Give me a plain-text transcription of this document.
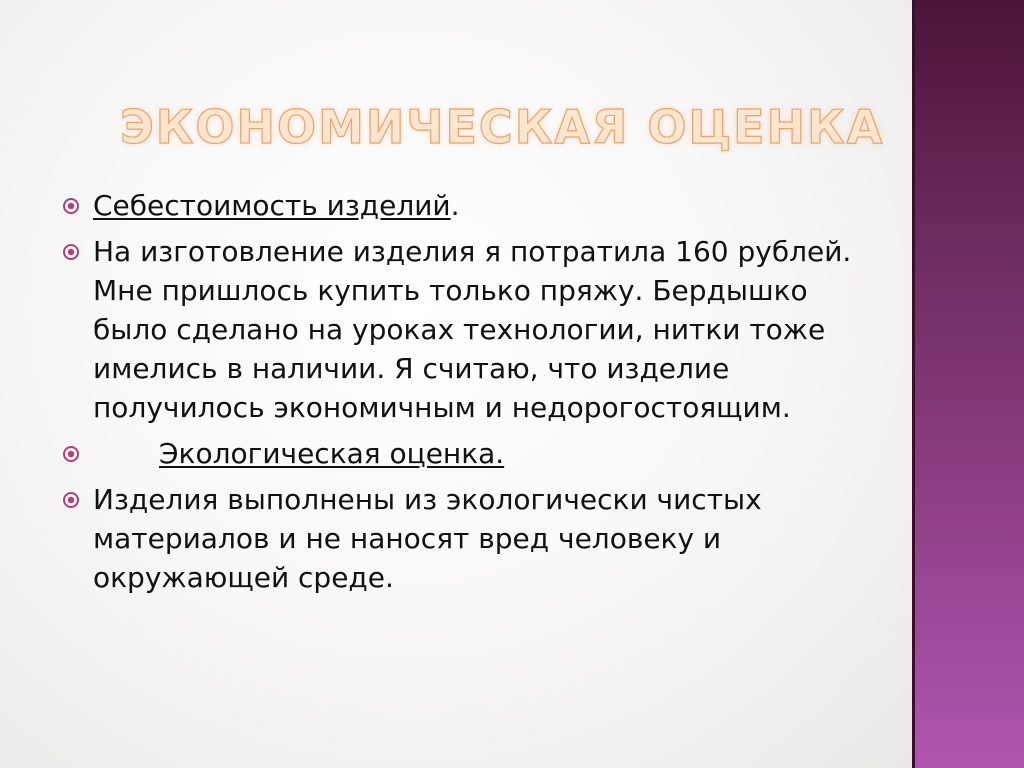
ЭКОНОМИЧЕСКАЯ ОЦЕНКА
Себестоимость изделий.
На изготовление изделия я потратила 160 рублей. Мне пришлось купить только пряжу. Бердышко было сделано на уроках технологии, нитки тоже имелись в наличии. Я считаю, что изделие получилось экономичным и недорогостоящим.
Экологическая оценка.
Изделия выполнены из экологически чистых материалов и не наносят вред человеку и окружающей среде.
